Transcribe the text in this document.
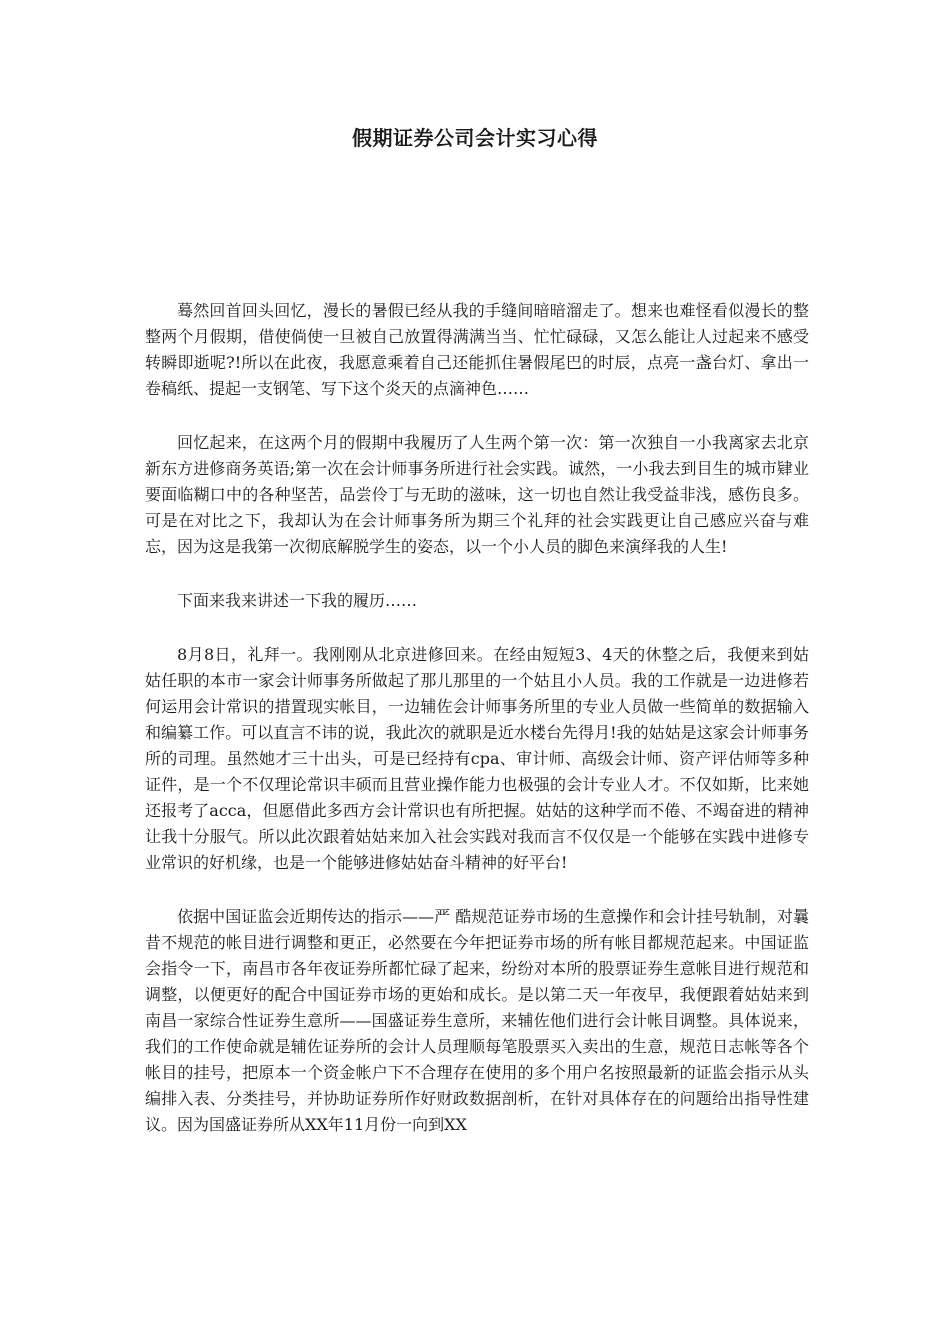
假期证券公司会计实习心得

蓦然回首回头回忆，漫长的暑假已经从我的手缝间暗暗溜走了。想来也难怪看似漫长的整整两个月假期，借使倘使一旦被自己放置得满满当当、忙忙碌碌，又怎么能让人过起来不感受转瞬即逝呢?!所以在此夜，我愿意乘着自己还能抓住暑假尾巴的时辰，点亮一盏台灯、拿出一卷稿纸、提起一支钢笔、写下这个炎天的点滴神色……

回忆起来，在这两个月的假期中我履历了人生两个第一次：第一次独自一小我离家去北京新东方进修商务英语;第一次在会计师事务所进行社会实践。诚然，一小我去到目生的城市肄业要面临糊口中的各种坚苦，品尝伶丁与无助的滋味，这一切也自然让我受益非浅，感伤良多。可是在对比之下，我却认为在会计师事务所为期三个礼拜的社会实践更让自己感应兴奋与难忘，因为这是我第一次彻底解脱学生的姿态，以一个小人员的脚色来演绎我的人生!

下面来我来讲述一下我的履历……

8月8日，礼拜一。我刚刚从北京进修回来。在经由短短3、4天的休整之后，我便来到姑姑任职的本市一家会计师事务所做起了那儿那里的一个姑且小人员。我的工作就是一边进修若何运用会计常识的措置现实帐目，一边辅佐会计师事务所里的专业人员做一些简单的数据输入和编纂工作。可以直言不讳的说，我此次的就职是近水楼台先得月!我的姑姑是这家会计师事务所的司理。虽然她才三十出头，可是已经持有cpa、审计师、高级会计师、资产评估师等多种证件，是一个不仅理论常识丰硕而且营业操作能力也极强的会计专业人才。不仅如斯，比来她还报考了acca，但愿借此多西方会计常识也有所把握。姑姑的这种学而不倦、不竭奋进的精神让我十分服气。所以此次跟着姑姑来加入社会实践对我而言不仅仅是一个能够在实践中进修专业常识的好机缘，也是一个能够进修姑姑奋斗精神的好平台!

依据中国证监会近期传达的指示——严 酷规范证券市场的生意操作和会计挂号轨制，对曩昔不规范的帐目进行调整和更正，必然要在今年把证券市场的所有帐目都规范起来。中国证监会指令一下，南昌市各年夜证券所都忙碌了起来，纷纷对本所的股票证券生意帐目进行规范和调整，以便更好的配合中国证券市场的更始和成长。是以第二天一年夜早，我便跟着姑姑来到南昌一家综合性证券生意所——国盛证券生意所，来辅佐他们进行会计帐目调整。具体说来，我们的工作使命就是辅佐证券所的会计人员理顺每笔股票买入卖出的生意，规范日志帐等各个帐目的挂号，把原本一个资金帐户下不合理存在使用的多个用户名按照最新的证监会指示从头编排入表、分类挂号，并协助证券所作好财政数据剖析，在针对具体存在的问题给出指导性建议。因为国盛证券所从XX年11月份一向到XX
